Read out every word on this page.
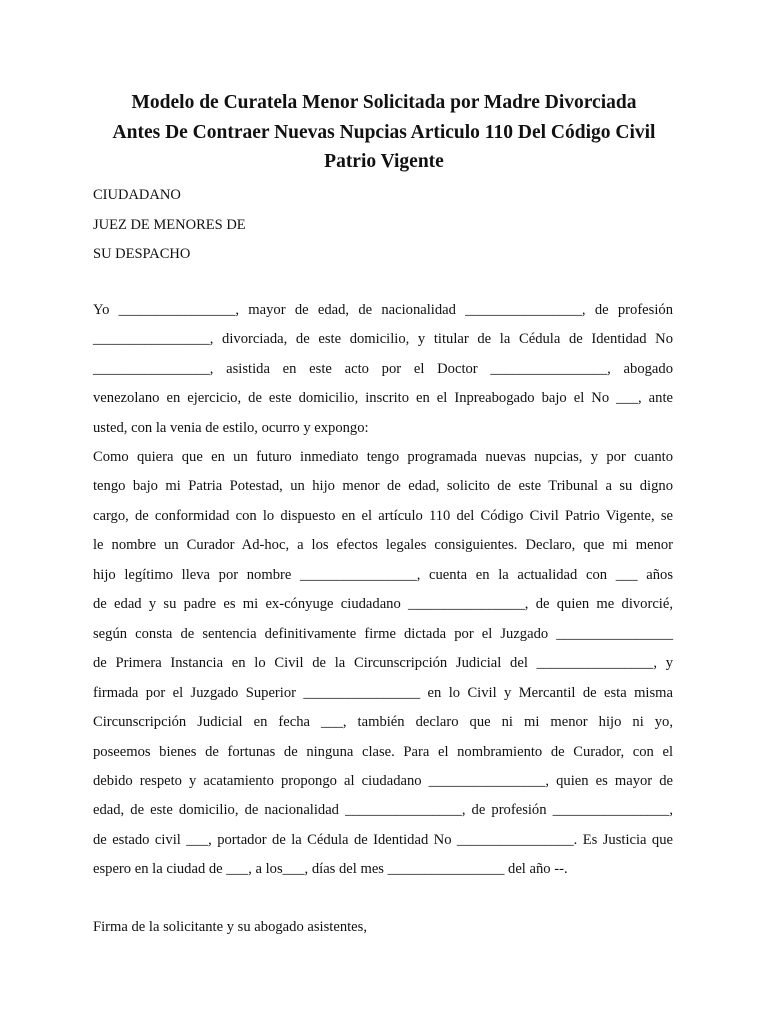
Modelo de Curatela Menor Solicitada por Madre Divorciada
Antes De Contraer Nuevas Nupcias Articulo 110 Del Código Civil
Patrio Vigente
CIUDADANO
JUEZ DE MENORES DE
SU DESPACHO
Yo ________________, mayor de edad, de nacionalidad ________________, de profesión
________________, divorciada, de este domicilio, y titular de la Cédula de Identidad No
________________, asistida en este acto por el Doctor ________________, abogado
venezolano en ejercicio, de este domicilio, inscrito en el Inpreabogado bajo el No ___, ante
usted, con la venia de estilo, ocurro y expongo:
Como quiera que en un futuro inmediato tengo programada nuevas nupcias, y por cuanto
tengo bajo mi Patria Potestad, un hijo menor de edad, solicito de este Tribunal a su digno
cargo, de conformidad con lo dispuesto en el artículo 110 del Código Civil Patrio Vigente, se
le nombre un Curador Ad-hoc, a los efectos legales consiguientes. Declaro, que mi menor
hijo legítimo lleva por nombre ________________, cuenta en la actualidad con ___ años
de edad y su padre es mi ex-cónyuge ciudadano ________________, de quien me divorcié,
según consta de sentencia definitivamente firme dictada por el Juzgado ________________
de Primera Instancia en lo Civil de la Circunscripción Judicial del ________________, y
firmada por el Juzgado Superior ________________ en lo Civil y Mercantil de esta misma
Circunscripción Judicial en fecha ___, también declaro que ni mi menor hijo ni yo,
poseemos bienes de fortunas de ninguna clase. Para el nombramiento de Curador, con el
debido respeto y acatamiento propongo al ciudadano ________________, quien es mayor de
edad, de este domicilio, de nacionalidad ________________, de profesión ________________,
de estado civil ___, portador de la Cédula de Identidad No ________________. Es Justicia que
espero en la ciudad de ___, a los___, días del mes ________________ del año --.
Firma de la solicitante y su abogado asistentes,
